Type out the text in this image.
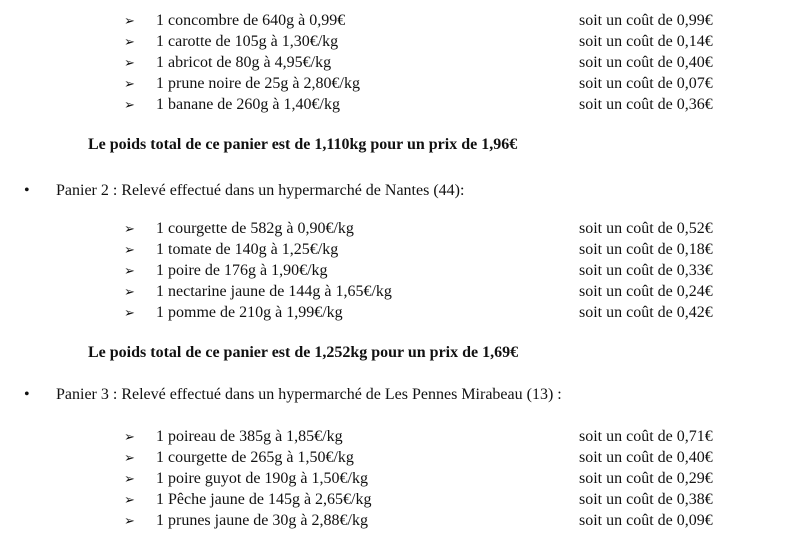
➢ 1 concombre de 640g à 0,99€	soit un coût de 0,99€
➢ 1 carotte de 105g à 1,30€/kg	soit un coût de 0,14€
➢ 1 abricot de 80g à 4,95€/kg	soit un coût de 0,40€
➢ 1 prune noire de 25g à 2,80€/kg	soit un coût de 0,07€
➢ 1 banane de 260g à 1,40€/kg	soit un coût de 0,36€
Le poids total de ce panier est de 1,110kg pour un prix de 1,96€
• Panier 2 : Relevé effectué dans un hypermarché de Nantes (44):
➢ 1 courgette de 582g à 0,90€/kg	soit un coût de 0,52€
➢ 1 tomate de 140g à 1,25€/kg	soit un coût de 0,18€
➢ 1 poire de 176g à 1,90€/kg	soit un coût de 0,33€
➢ 1 nectarine jaune de 144g à 1,65€/kg	soit un coût de 0,24€
➢ 1 pomme de 210g à 1,99€/kg	soit un coût de 0,42€
Le poids total de ce panier est de 1,252kg pour un prix de 1,69€
• Panier 3 : Relevé effectué dans un hypermarché de Les Pennes Mirabeau (13) :
➢ 1 poireau de 385g à 1,85€/kg	soit un coût de 0,71€
➢ 1 courgette de 265g à 1,50€/kg	soit un coût de 0,40€
➢ 1 poire guyot de 190g à 1,50€/kg	soit un coût de 0,29€
➢ 1 Pêche jaune de 145g à 2,65€/kg	soit un coût de 0,38€
➢ 1 prunes jaune de 30g à 2,88€/kg	soit un coût de 0,09€
